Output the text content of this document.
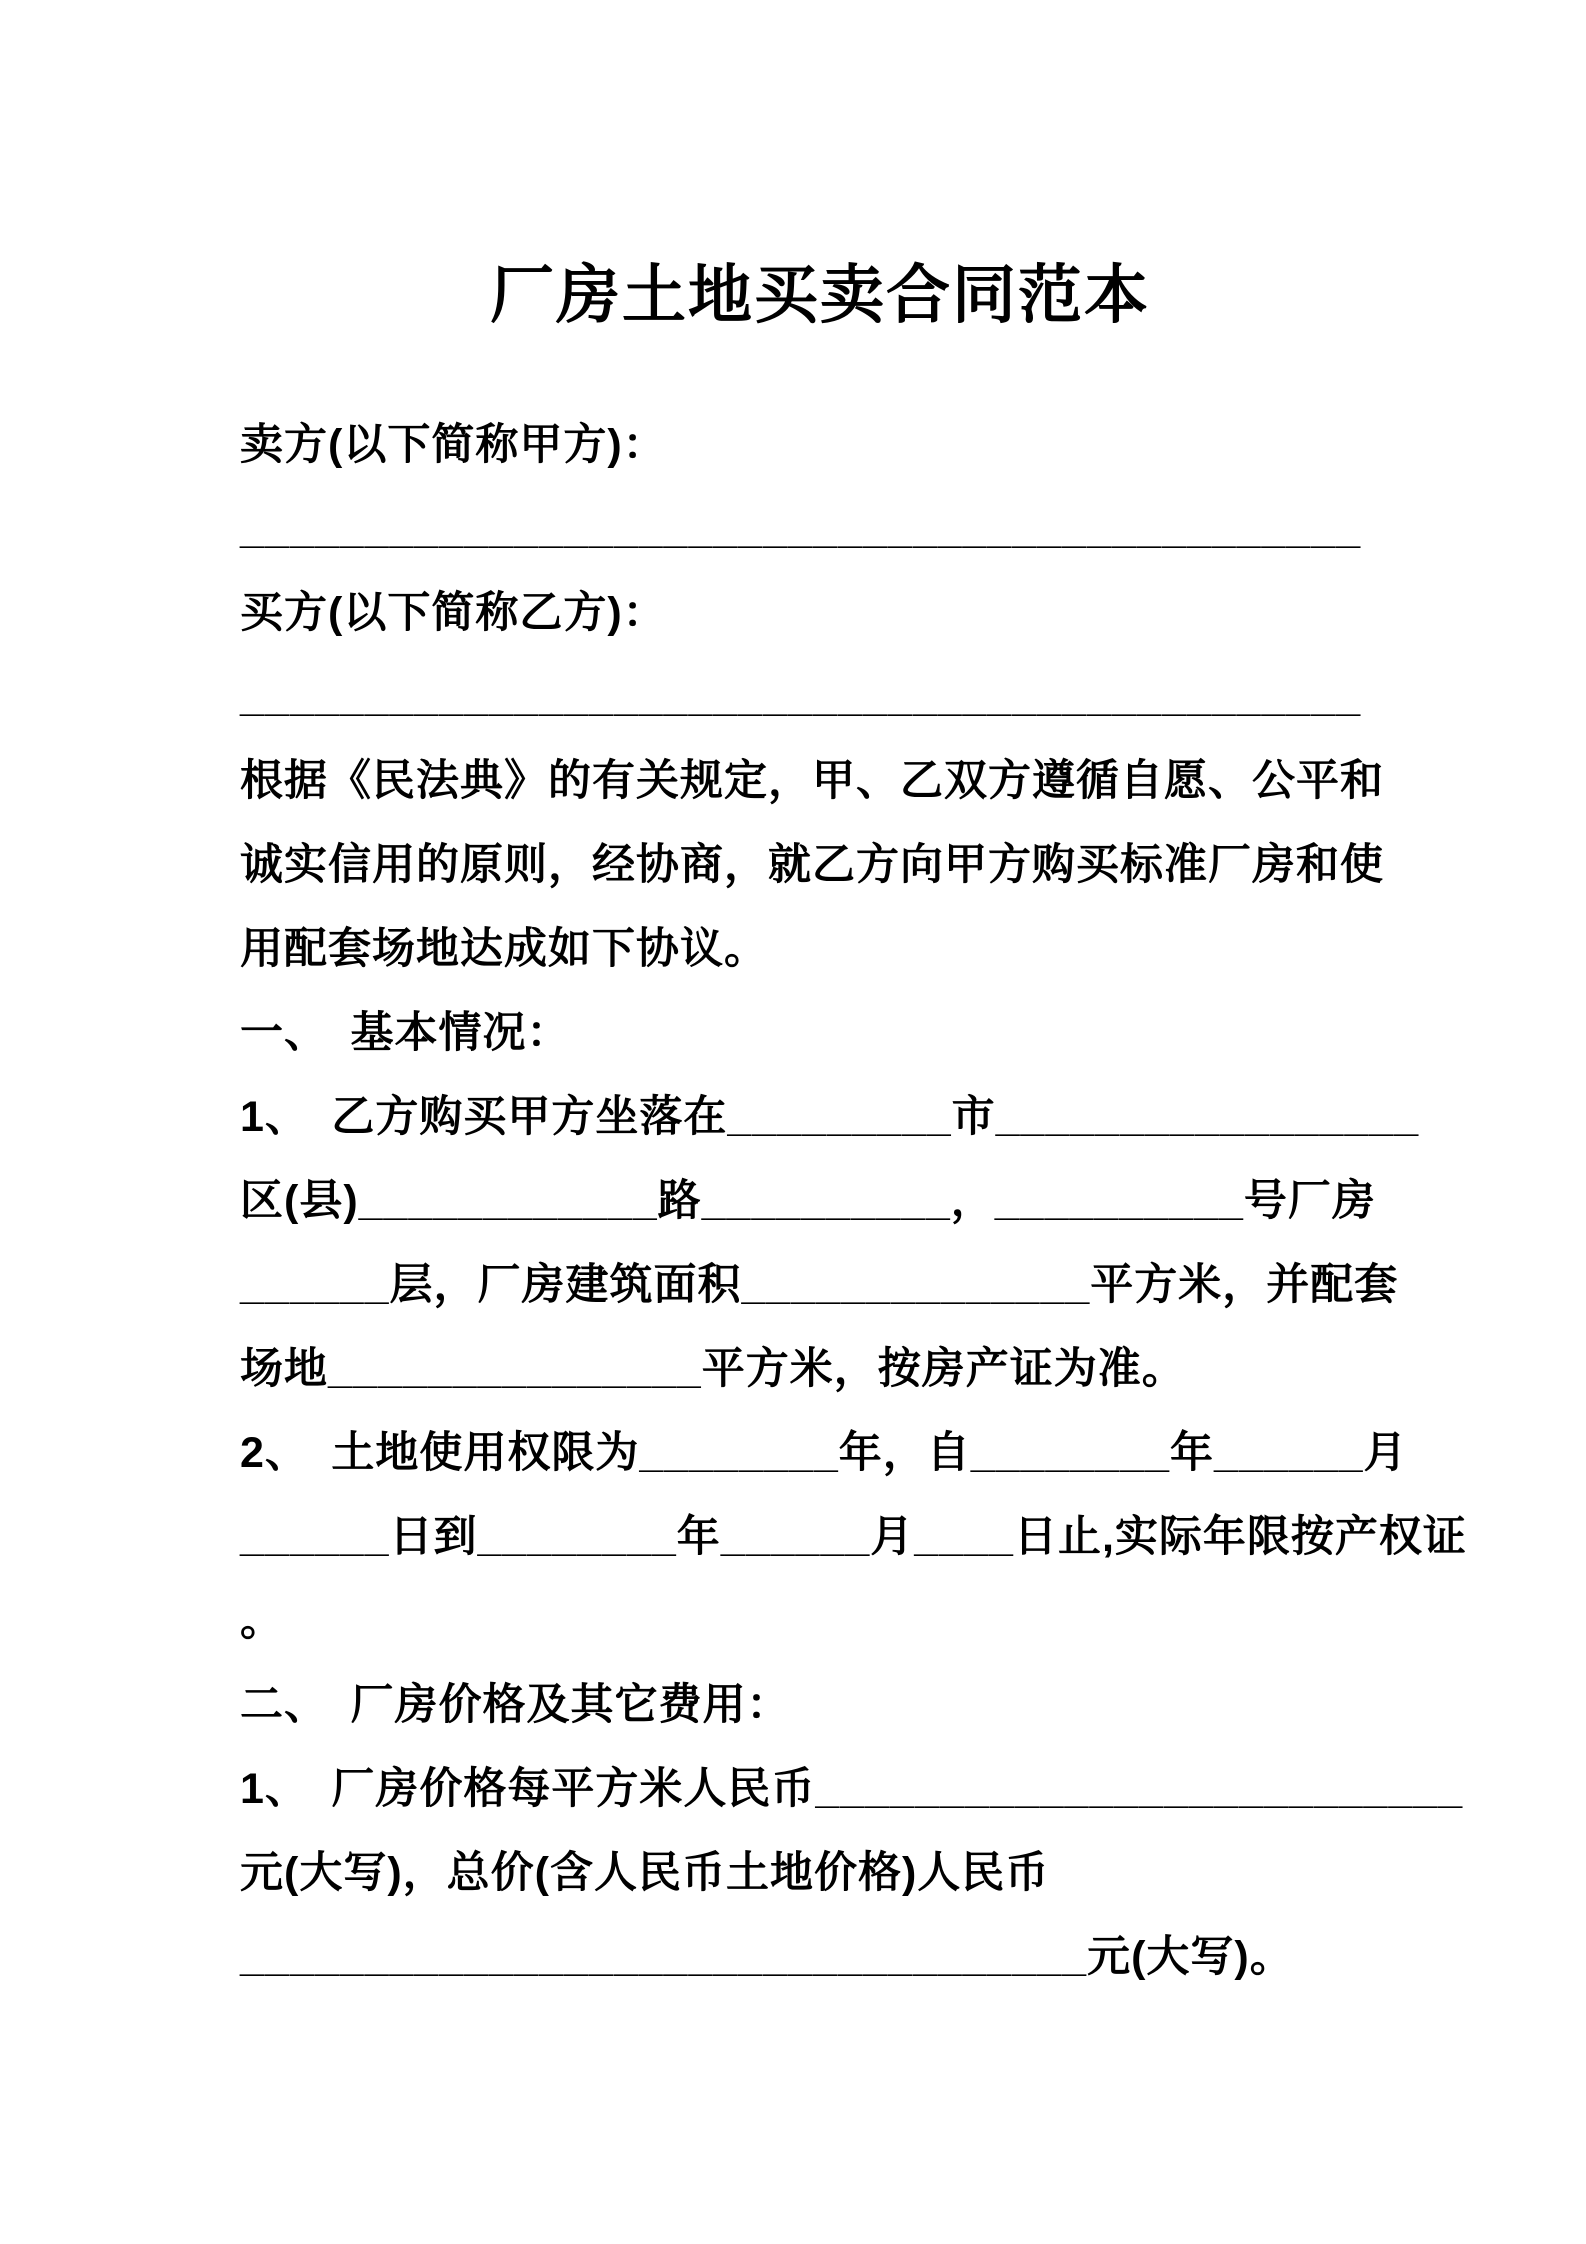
厂房土地买卖合同范本
卖方(以下简称甲方)：
_____________________________________________
买方(以下简称乙方)：
_____________________________________________
根据《民法典》的有关规定，甲、乙双方遵循自愿、公平和
诚实信用的原则，经协商，就乙方向甲方购买标准厂房和使
用配套场地达成如下协议。
一、　基本情况：
1、　乙方购买甲方坐落在_________市_________________
区(县)____________路__________，__________号厂房
______层，厂房建筑面积______________平方米，并配套
场地_______________平方米，按房产证为准。
2、　土地使用权限为________年，自________年______月
______日到________年______月____日止,实际年限按产权证
。
二、　厂房价格及其它费用：
1、　厂房价格每平方米人民币__________________________
元(大写)，总价(含人民币土地价格)人民币
__________________________________元(大写)。
